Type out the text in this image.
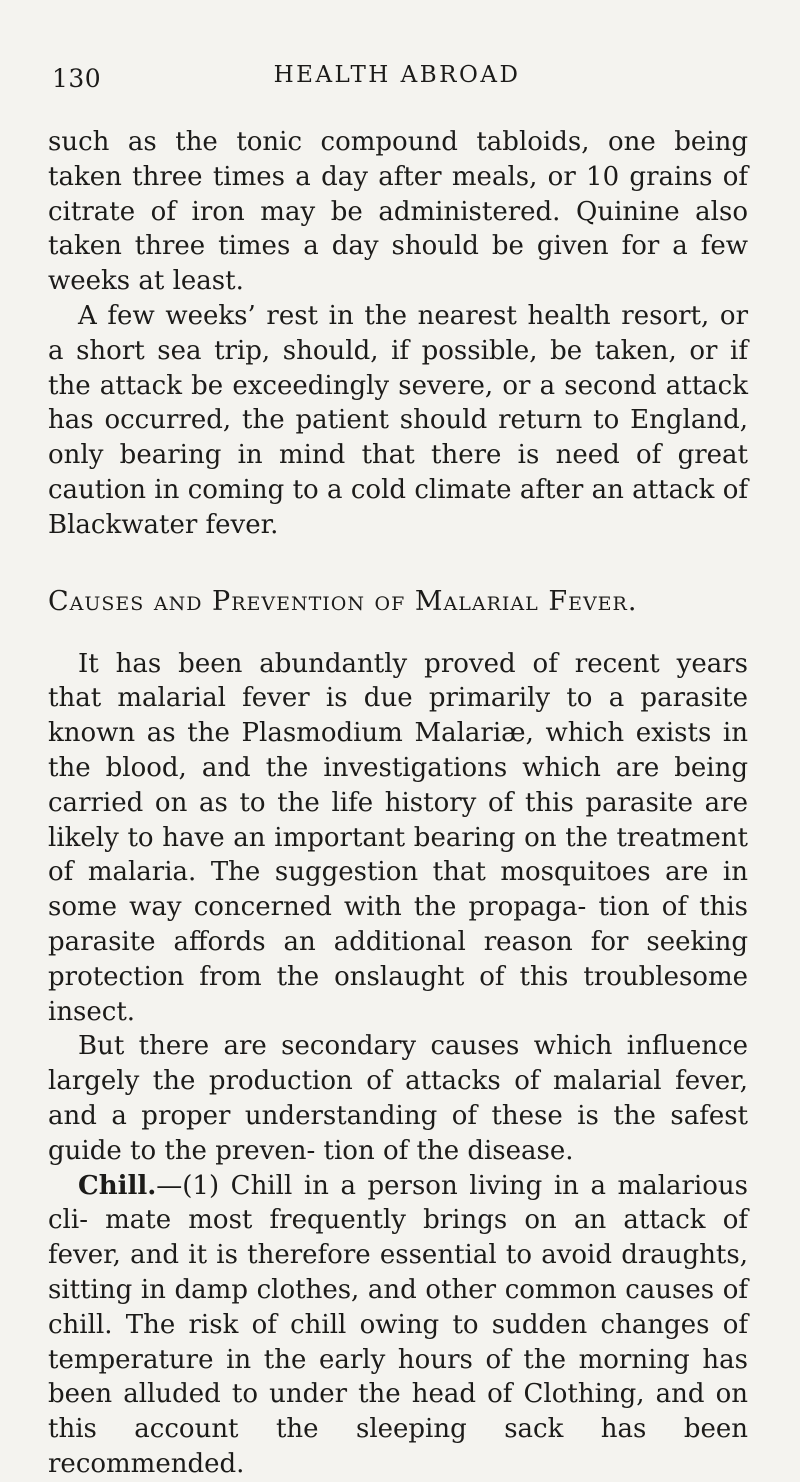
130	HEALTH ABROAD

such as the tonic compound tabloids, one being taken three times a day after meals, or 10 grains of citrate of iron may be administered. Quinine also taken three times a day should be given for a few weeks at least.

A few weeks’ rest in the nearest health resort, or a short sea trip, should, if possible, be taken, or if the attack be exceedingly severe, or a second attack has occurred, the patient should return to England, only bearing in mind that there is need of great caution in coming to a cold climate after an attack of Blackwater fever.

Causes and Prevention of Malarial Fever.

It has been abundantly proved of recent years that malarial fever is due primarily to a parasite known as the Plasmodium Malariæ, which exists in the blood, and the investigations which are being carried on as to the life history of this parasite are likely to have an important bearing on the treatment of malaria. The suggestion that mosquitoes are in some way concerned with the propaga- tion of this parasite affords an additional reason for seeking protection from the onslaught of this troublesome insect.

But there are secondary causes which influence largely the production of attacks of malarial fever, and a proper understanding of these is the safest guide to the preven- tion of the disease.

Chill.—(1) Chill in a person living in a malarious cli- mate most frequently brings on an attack of fever, and it is therefore essential to avoid draughts, sitting in damp clothes, and other common causes of chill. The risk of chill owing to sudden changes of temperature in the early hours of the morning has been alluded to under the head of Clothing, and on this account the sleeping sack has been recommended.
